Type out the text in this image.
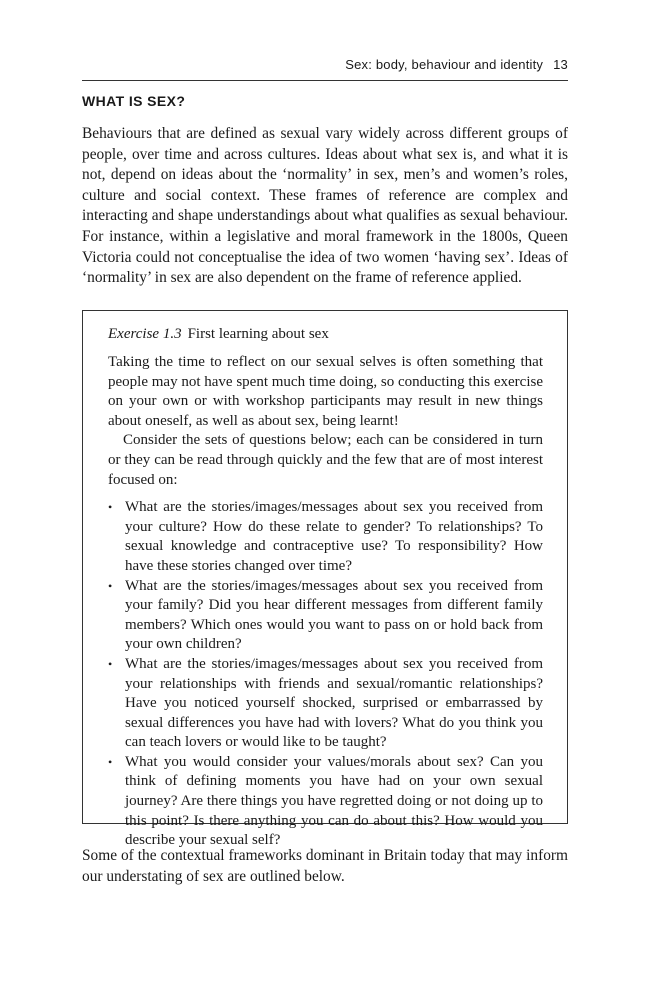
Sex: body, behaviour and identity 13
WHAT IS SEX?

Behaviours that are defined as sexual vary widely across different groups of people, over time and across cultures. Ideas about what sex is, and what it is not, depend on ideas about the ‘normality’ in sex, men’s and women’s roles, culture and social context. These frames of reference are complex and interacting and shape understandings about what qualifies as sexual behaviour. For instance, within a legislative and moral framework in the 1800s, Queen Victoria could not conceptualise the idea of two women ‘having sex’. Ideas of ‘normality’ in sex are also dependent on the frame of reference applied.

Exercise 1.3 First learning about sex

Taking the time to reflect on our sexual selves is often something that people may not have spent much time doing, so conducting this exercise on your own or with workshop participants may result in new things about oneself, as well as about sex, being learnt!

Consider the sets of questions below; each can be considered in turn or they can be read through quickly and the few that are of most interest focused on:

• What are the stories/images/messages about sex you received from your culture? How do these relate to gender? To relationships? To sexual knowledge and contraceptive use? To responsibility? How have these stories changed over time?
• What are the stories/images/messages about sex you received from your family? Did you hear different messages from different family members? Which ones would you want to pass on or hold back from your own children?
• What are the stories/images/messages about sex you received from your relationships with friends and sexual/romantic relationships? Have you noticed yourself shocked, surprised or embarrassed by sexual differences you have had with lovers? What do you think you can teach lovers or would like to be taught?
• What you would consider your values/morals about sex? Can you think of defining moments you have had on your own sexual journey? Are there things you have regretted doing or not doing up to this point? Is there anything you can do about this? How would you describe your sexual self?

Some of the contextual frameworks dominant in Britain today that may inform our understating of sex are outlined below.
